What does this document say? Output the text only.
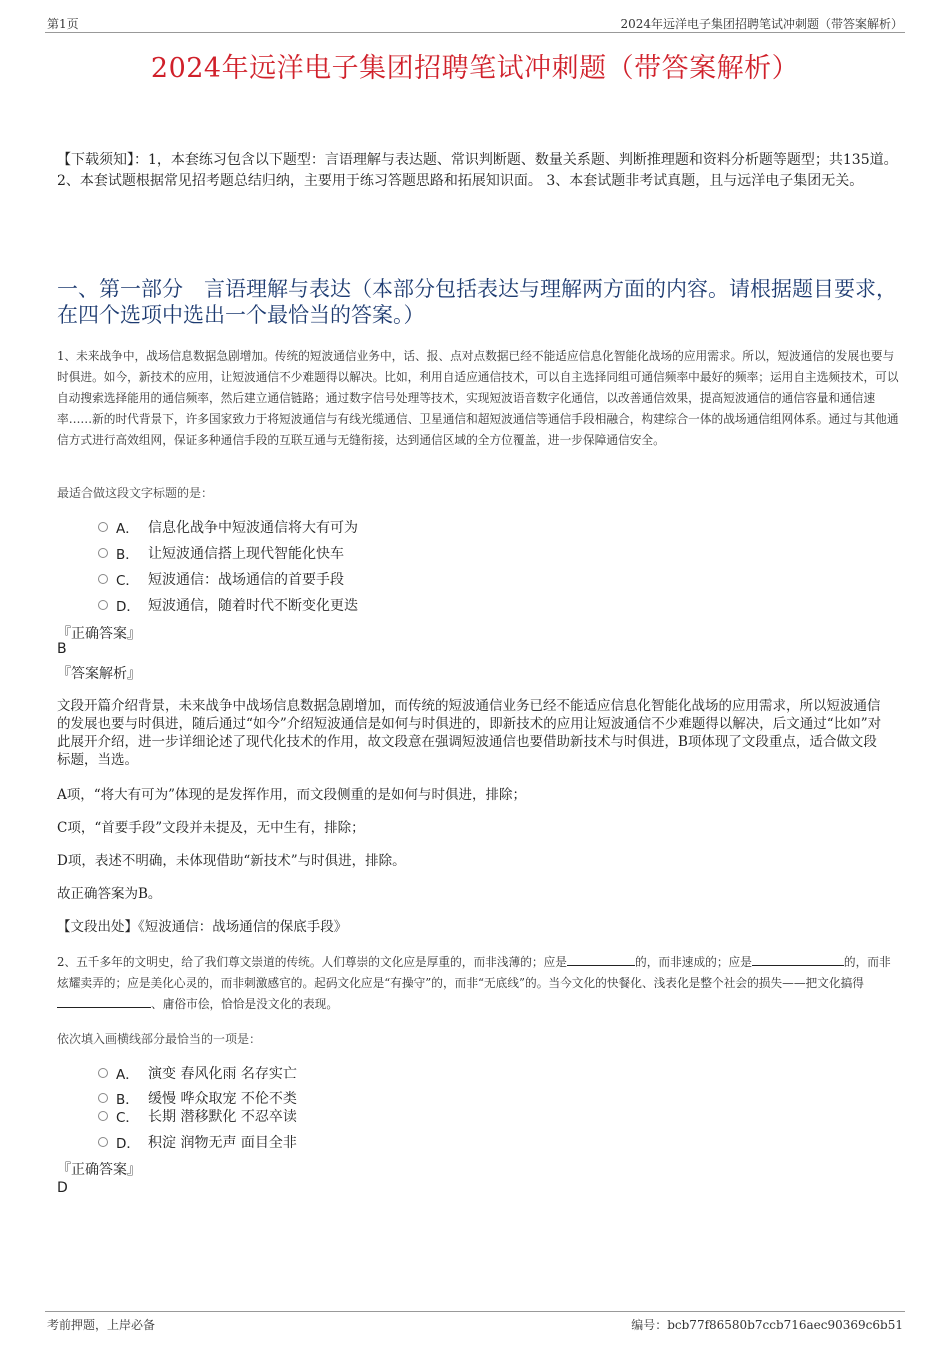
第1页	2024年远洋电子集团招聘笔试冲刺题（带答案解析）
2024年远洋电子集团招聘笔试冲刺题（带答案解析）
【下载须知】：1，本套练习包含以下题型：言语理解与表达题、常识判断题、数量关系题、判断推理题和资料分析题等题型；共135道。 2、本套试题根据常见招考题总结归纳，主要用于练习答题思路和拓展知识面。 3、本套试题非考试真题，且与远洋电子集团无关。
一、第一部分　言语理解与表达（本部分包括表达与理解两方面的内容。请根据题目要求，在四个选项中选出一个最恰当的答案。）
1、未来战争中，战场信息数据急剧增加。传统的短波通信业务中，话、报、点对点数据已经不能适应信息化智能化战场的应用需求。所以，短波通信的发展也要与时俱进。如今，新技术的应用，让短波通信不少难题得以解决。比如，利用自适应通信技术，可以自主选择同组可通信频率中最好的频率；运用自主选频技术，可以自动搜索选择能用的通信频率，然后建立通信链路；通过数字信号处理等技术，实现短波语音数字化通信，以改善通信效果，提高短波通信的通信容量和通信速率……新的时代背景下，许多国家致力于将短波通信与有线光缆通信、卫星通信和超短波通信等通信手段相融合，构建综合一体的战场通信组网体系。通过与其他通信方式进行高效组网，保证多种通信手段的互联互通与无缝衔接，达到通信区域的全方位覆盖，进一步保障通信安全。
最适合做这段文字标题的是：
A． 信息化战争中短波通信将大有可为
B． 让短波通信搭上现代智能化快车
C． 短波通信：战场通信的首要手段
D． 短波通信，随着时代不断变化更迭
『正确答案』
B
『答案解析』
文段开篇介绍背景，未来战争中战场信息数据急剧增加，而传统的短波通信业务已经不能适应信息化智能化战场的应用需求，所以短波通信的发展也要与时俱进，随后通过“如今”介绍短波通信是如何与时俱进的，即新技术的应用让短波通信不少难题得以解决，后文通过“比如”对此展开介绍，进一步详细论述了现代化技术的作用，故文段意在强调短波通信也要借助新技术与时俱进，B项体现了文段重点，适合做文段标题，当选。
A项，“将大有可为”体现的是发挥作用，而文段侧重的是如何与时俱进，排除；
C项，“首要手段”文段并未提及，无中生有，排除；
D项，表述不明确，未体现借助“新技术”与时俱进，排除。
故正确答案为B。
【文段出处】《短波通信：战场通信的保底手段》
2、五千多年的文明史，给了我们尊文崇道的传统。人们尊崇的文化应是厚重的，而非浅薄的；应是	的，而非速成的；应是	的，而非炫耀卖弄的；应是美化心灵的，而非刺激感官的。起码文化应是“有操守”的，而非“无底线”的。当今文化的快餐化、浅表化是整个社会的损失——把文化搞得、庸俗市侩，恰恰是没文化的表现。
依次填入画横线部分最恰当的一项是：
A． 演变 春风化雨 名存实亡
B． 缓慢 哗众取宠 不伦不类
C． 长期 潜移默化 不忍卒读
D． 积淀 润物无声 面目全非
『正确答案』
D
考前押题，上岸必备	编号：bcb77f86580b7ccb716aec90369c6b51
